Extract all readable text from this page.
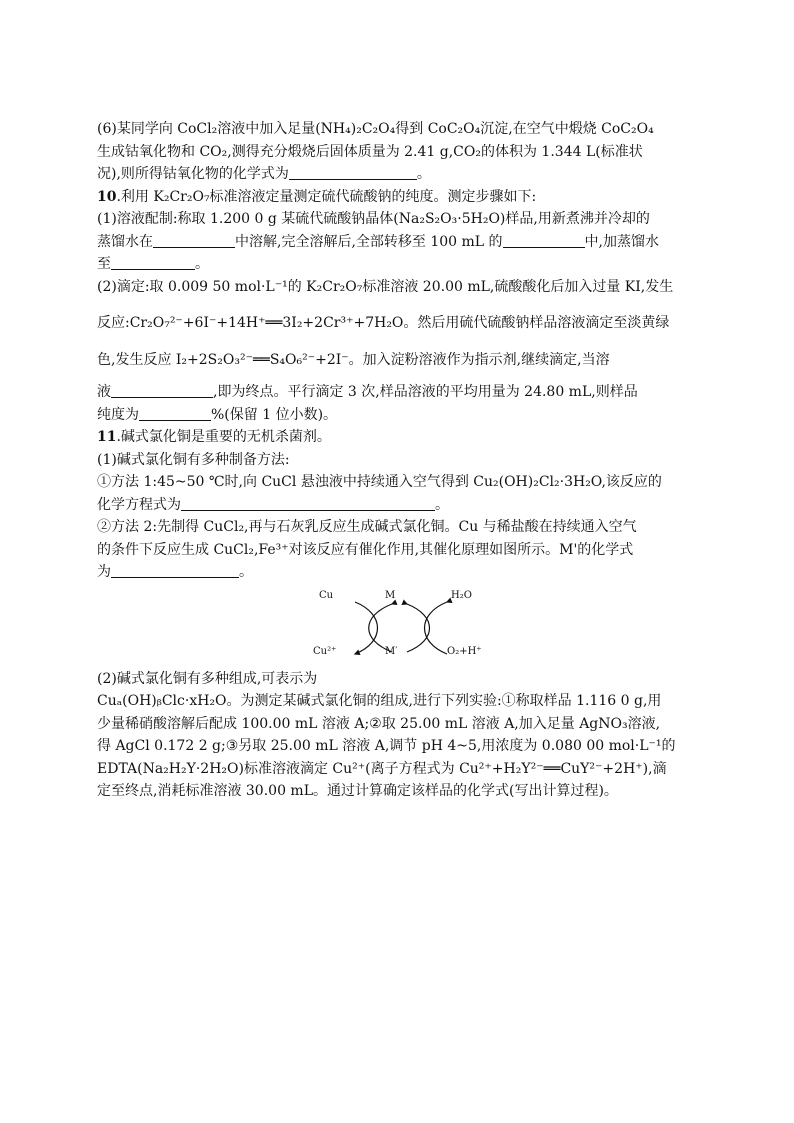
(6)某同学向 CoCl₂溶液中加入足量(NH₄)₂C₂O₄得到 CoC₂O₄沉淀,在空气中煅烧 CoC₂O₄

生成钴氧化物和 CO₂,测得充分煅烧后固体质量为 2.41 g,CO₂的体积为 1.344 L(标准状

况),则所得钴氧化物的化学式为	。

10.利用 K₂Cr₂O₇标准溶液定量测定硫代硫酸钠的纯度。测定步骤如下:

(1)溶液配制:称取 1.200 0 g 某硫代硫酸钠晶体(Na₂S₂O₃·5H₂O)样品,用新煮沸并冷却的

蒸馏水在	中溶解,完全溶解后,全部转移至 100 mL 的	中,加蒸馏水

至	。

(2)滴定:取 0.009 50 mol·L⁻¹的 K₂Cr₂O₇标准溶液 20.00 mL,硫酸酸化后加入过量 KI,发生

反应:Cr₂O₇²⁻+6I⁻+14H⁺══3I₂+2Cr³⁺+7H₂O。然后用硫代硫酸钠样品溶液滴定至淡黄绿

色,发生反应 I₂+2S₂O₃²⁻══S₄O₆²⁻+2I⁻。加入淀粉溶液作为指示剂,继续滴定,当溶

液	,即为终点。平行滴定 3 次,样品溶液的平均用量为 24.80 mL,则样品

纯度为	%(保留 1 位小数)。

11.碱式氯化铜是重要的无机杀菌剂。

(1)碱式氯化铜有多种制备方法:

①方法 1:45~50 ℃时,向 CuCl 悬浊液中持续通入空气得到 Cu₂(OH)₂Cl₂·3H₂O,该反应的

化学方程式为	。

②方法 2:先制得 CuCl₂,再与石灰乳反应生成碱式氯化铜。Cu 与稀盐酸在持续通入空气

的条件下反应生成 CuCl₂,Fe³⁺对该反应有催化作用,其催化原理如图所示。M'的化学式

为	。

Cu	M	H₂O
Cu²⁺	M′	O₂+H⁺

(2)碱式氯化铜有多种组成,可表示为

Cuₐ(OH)ᵦClc·xH₂O。为测定某碱式氯化铜的组成,进行下列实验:①称取样品 1.116 0 g,用

少量稀硝酸溶解后配成 100.00 mL 溶液 A;②取 25.00 mL 溶液 A,加入足量 AgNO₃溶液,

得 AgCl 0.172 2 g;③另取 25.00 mL 溶液 A,调节 pH 4~5,用浓度为 0.080 00 mol·L⁻¹的

EDTA(Na₂H₂Y·2H₂O)标准溶液滴定 Cu²⁺(离子方程式为 Cu²⁺+H₂Y²⁻══CuY²⁻+2H⁺),滴

定至终点,消耗标准溶液 30.00 mL。通过计算确定该样品的化学式(写出计算过程)。
